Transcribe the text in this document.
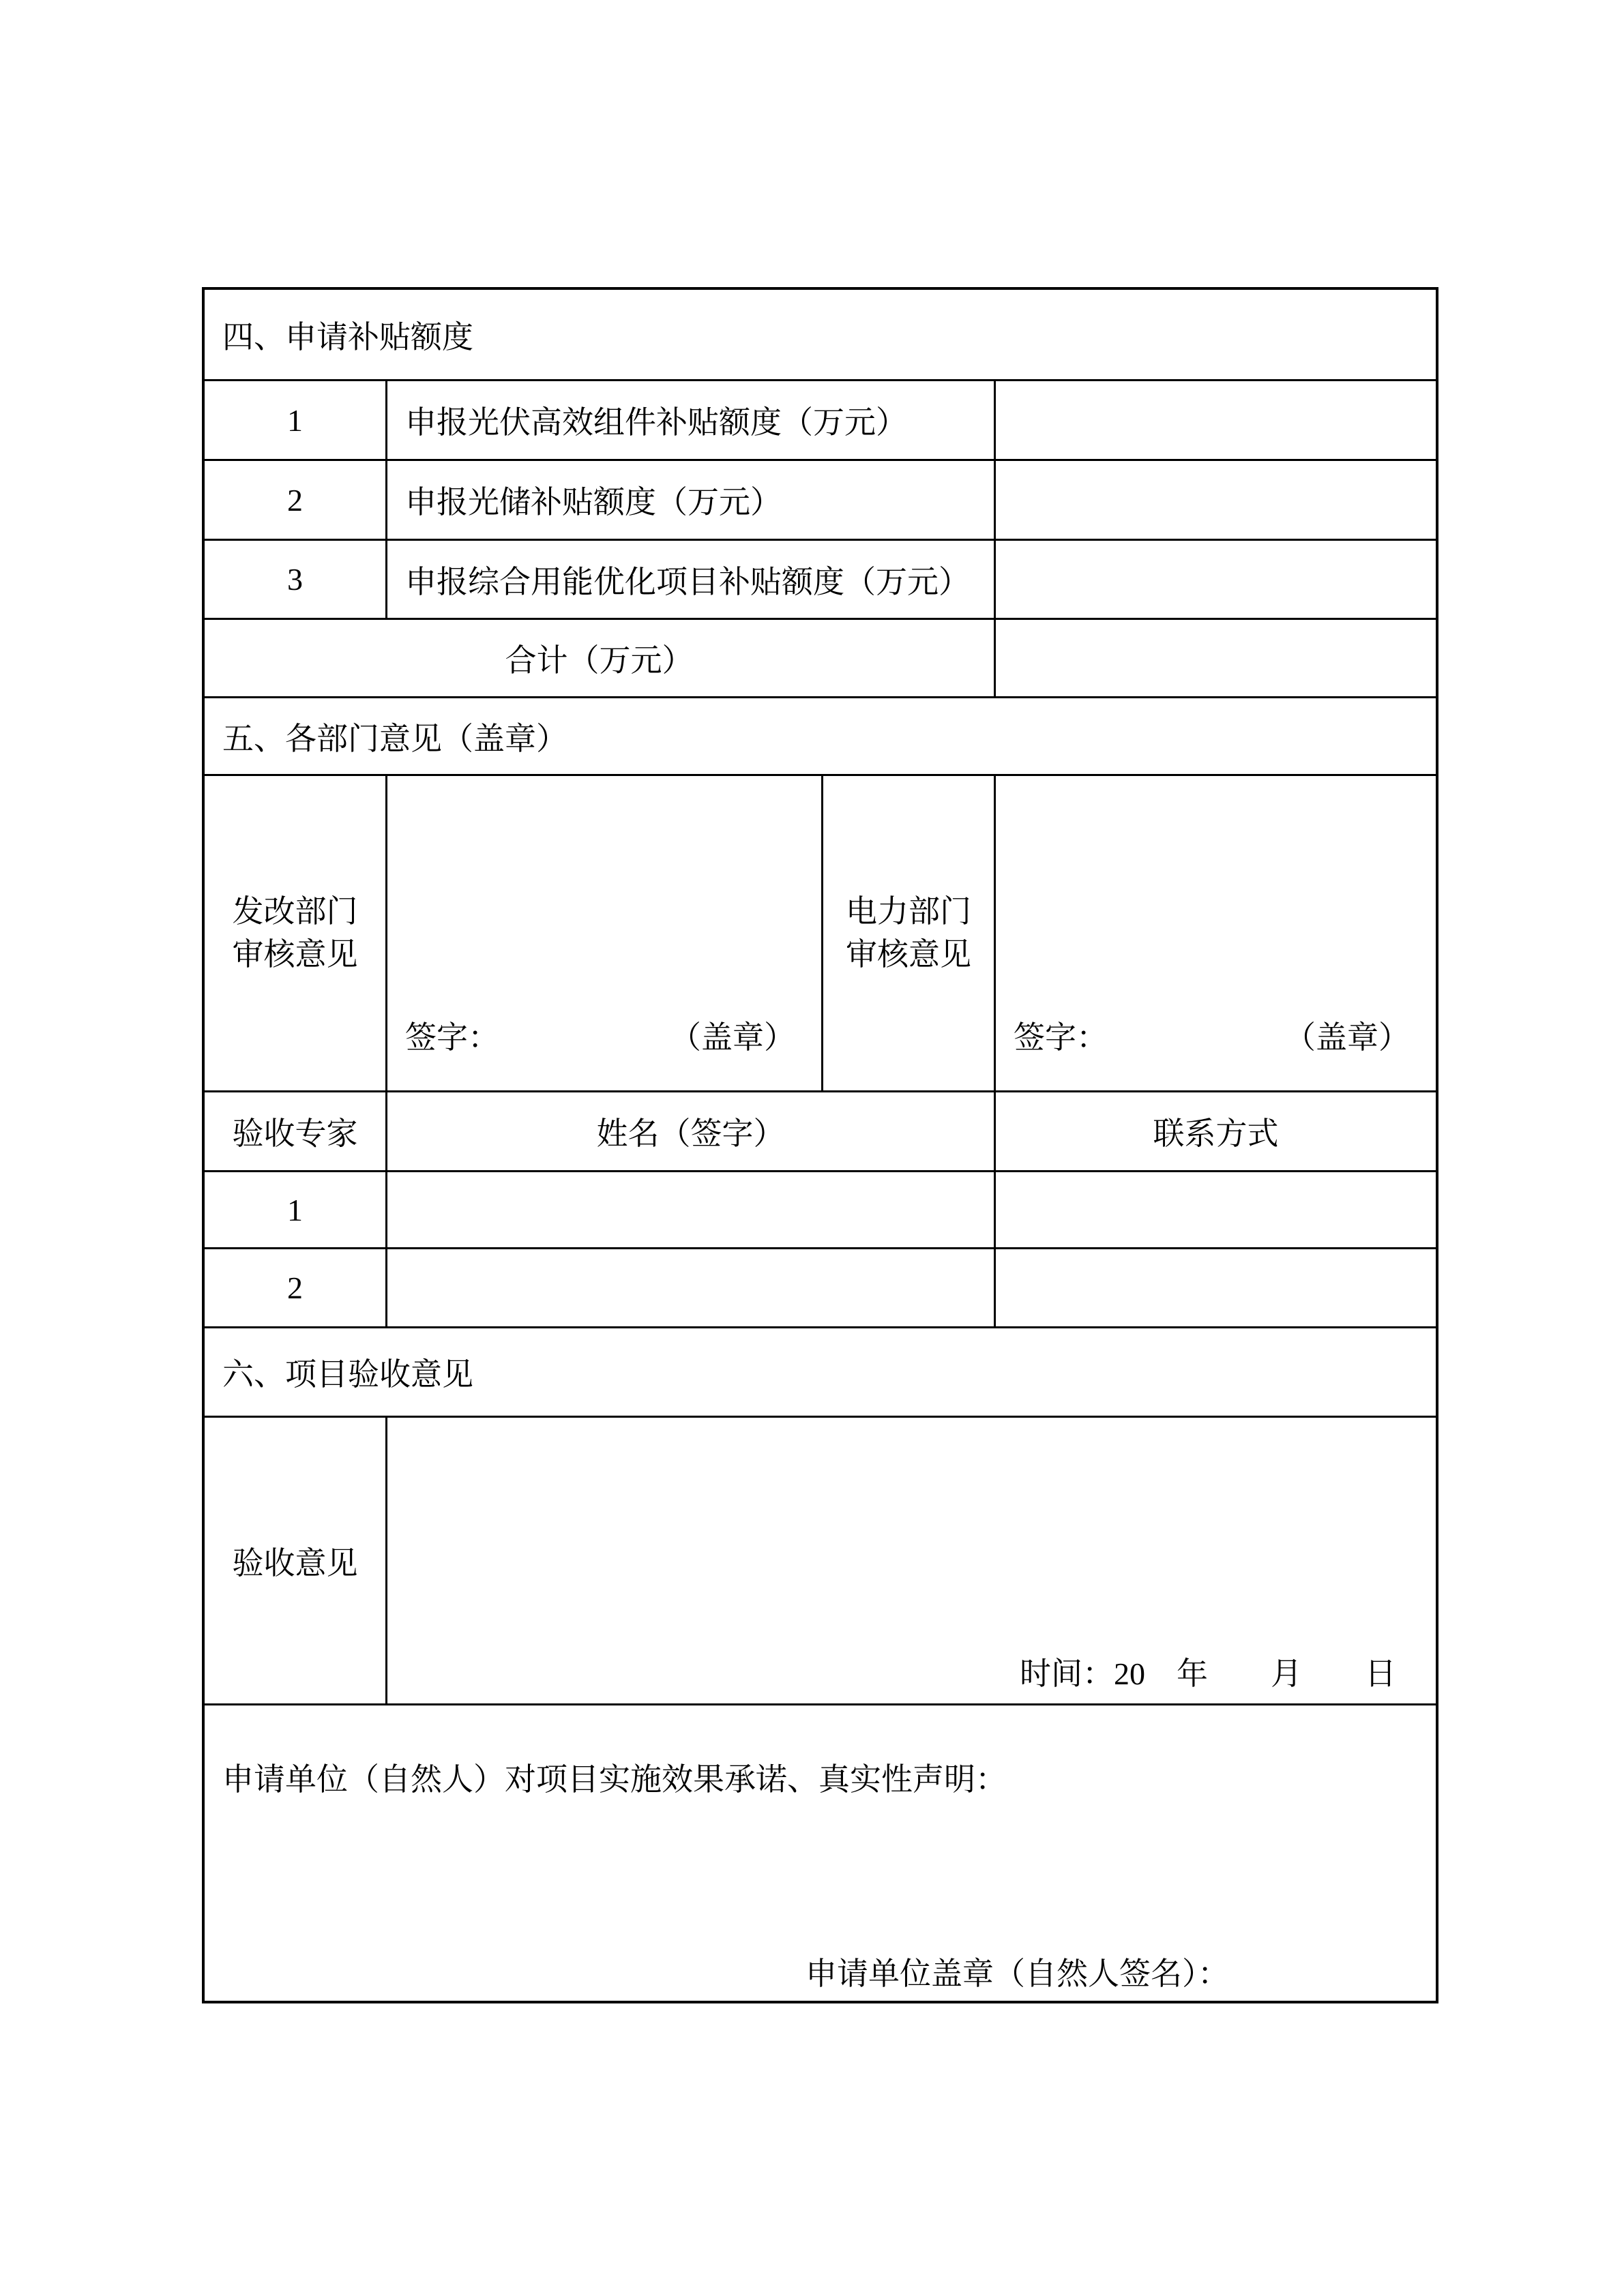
四、申请补贴额度
1	申报光伏高效组件补贴额度（万元）
2	申报光储补贴额度（万元）
3	申报综合用能优化项目补贴额度（万元）
合计（万元）
五、各部门意见（盖章）
发改部门
审核意见
签字：	（盖章）
电力部门
审核意见
签字：	（盖章）
验收专家	姓名（签字）	联系方式
1
2
六、项目验收意见
验收意见
时间：20　年　　月　　日
申请单位（自然人）对项目实施效果承诺、真实性声明：
申请单位盖章（自然人签名）：
